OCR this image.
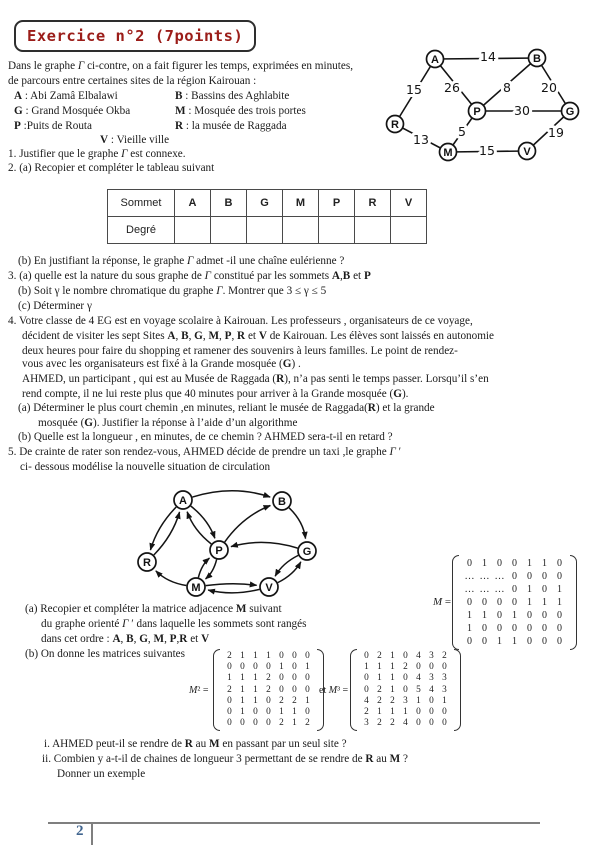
Exercice n°2 (7points)
Dans le graphe Γ ci-contre, on a fait figurer les temps, exprimées en minutes,
de parcours entre certaines sites de la région Kairouan :
A : Abi Zamâ Elbalawi	B : Bassins des Aghlabite
G : Grand Mosquée Okba	M : Mosquée des trois portes
P :Puits de Routa	R : la musée de Raggada
V : Vieille ville
1. Justifier que le graphe Γ est connexe.
2. (a) Recopier et compléter le tableau suivant
14
15 26	8 20
30
13
5	19
15
A	B
P	G
R
M	V
Sommet	A	B	G	M	P	R	V
Degré							
(b) En justifiant la réponse, le graphe Γ admet -il une chaîne eulérienne ?
3. (a) quelle est la nature du sous graphe de Γ constitué par les sommets A,B et P
(b) Soit γ le nombre chromatique du graphe Γ. Montrer que 3 ≤ γ ≤ 5
(c) Déterminer γ
4. Votre classe de 4 EG est en voyage scolaire à Kairouan. Les professeurs , organisateurs de ce voyage,
décident de visiter les sept Sites A, B, G, M, P, R et V de Kairouan. Les élèves sont laissés en autonomie
deux heures pour faire du shopping et ramener des souvenirs à leurs familles. Le point de rendez-
vous avec les organisateurs est fixé à la Grande mosquée (G) .
AHMED, un participant , qui est au Musée de Raggada (R), n’a pas senti le temps passer. Lorsqu’il s’en
rend compte, il ne lui reste plus que 40 minutes pour arriver à la Grande mosquée (G).
(a) Déterminer le plus court chemin ,en minutes, reliant le musée de Raggada(R) et la grande
mosquée (G). Justifier la réponse à l’aide d’un algorithme
(b) Quelle est la longueur , en minutes, de ce chemin ? AHMED sera-t-il en retard ?
5. De crainte de rater son rendez-vous, AHMED décide de prendre un taxi ,le graphe Γ ′
ci- dessous modélise la nouvelle situation de circulation
A	B
P	G
R
M	V
M =
0	1	0	0	1	1	0
… … … 0	0	0	0
… … … 0	1	0	1
0	0	0	0	1	1	1
1	1	0	1	0	0	0
1	0	0	0	0	0	0
0	0	1	1	0	0	0
(a) Recopier et compléter la matrice adjacence M suivant
du graphe orienté Γ ′ dans laquelle les sommets sont rangés
dans cet ordre : A, B, G, M, P,R et V
(b) On donne les matrices suivantes
M² =
2 1 1 1 0 0 0
0 0 0 0 1 0 1
1 1 1 2 0 0 0
2 1 1 2 0 0 0
0 1 1 0 2 2 1
0 1 0 0 1 1 0
0 0 0 0 2 1 2
et M³ =
0 2 1 0 4 3 2
1 1 1 2 0 0 0
0 1 1 0 4 3 3
0 2 1 0 5 4 3
4 2 2 3 1 0 1
2 1 1 1 0 0 0
3 2 2 4 0 0 0
i. AHMED peut-il se rendre de R au M en passant par un seul site ?
ii. Combien y a-t-il de chaines de longueur 3 permettant de se rendre de R au M ?
Donner un exemple
2
